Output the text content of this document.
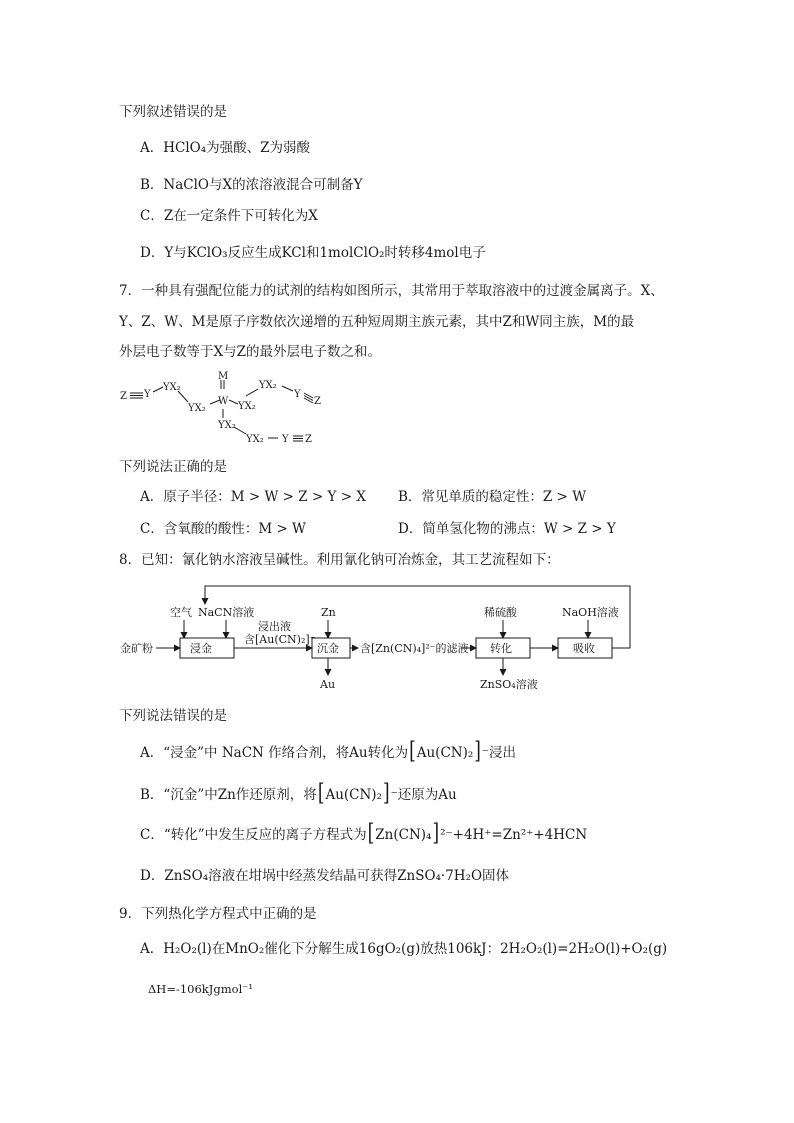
下列叙述错误的是
A．HClO₄为强酸、Z为弱酸
B．NaClO与X的浓溶液混合可制备Y
C．Z在一定条件下可转化为X
D．Y与KClO₃反应生成KCl和1molClO₂时转移4mol电子
7．一种具有强配位能力的试剂的结构如图所示，其常用于萃取溶液中的过渡金属离子。X、
Y、Z、W、M是原子序数依次递增的五种短周期主族元素，其中Z和W同主族，M的最
外层电子数等于X与Z的最外层电子数之和。
Z Y
YX₂
YX₂
M
W YX₂
YX₂
Y
Z
YX₂
YX₂ Y Z
下列说法正确的是
A．原子半径：M > W > Z > Y > X B．常见单质的稳定性：Z > W
C．含氧酸的酸性：M > W	D．简单氢化物的沸点：W > Z > Y
8．已知：氰化钠水溶液呈碱性。利用氰化钠可冶炼金，其工艺流程如下：
空气 NaCN溶液
浸出液
含[Au(CN)₂]⁻
Zn	稀硫酸	NaOH溶液
金矿粉	浸金	沉金 含[Zn(CN)₄]²⁻的滤液 转化	吸收
Au	ZnSO₄溶液
下列说法错误的是
A．“浸金”中 NaCN 作络合剂，将Au转化为[Au(CN)₂]⁻浸出
B．“沉金”中Zn作还原剂，将[Au(CN)₂]⁻还原为Au
C．“转化”中发生反应的离子方程式为[Zn(CN)₄]²⁻+4H⁺=Zn²⁺+4HCN
D．ZnSO₄溶液在坩埚中经蒸发结晶可获得ZnSO₄·7H₂O固体
9．下列热化学方程式中正确的是
A．H₂O₂(l)在MnO₂催化下分解生成16gO₂(g)放热106kJ：2H₂O₂(l)=2H₂O(l)+O₂(g)
ΔH=-106kJgmol⁻¹
